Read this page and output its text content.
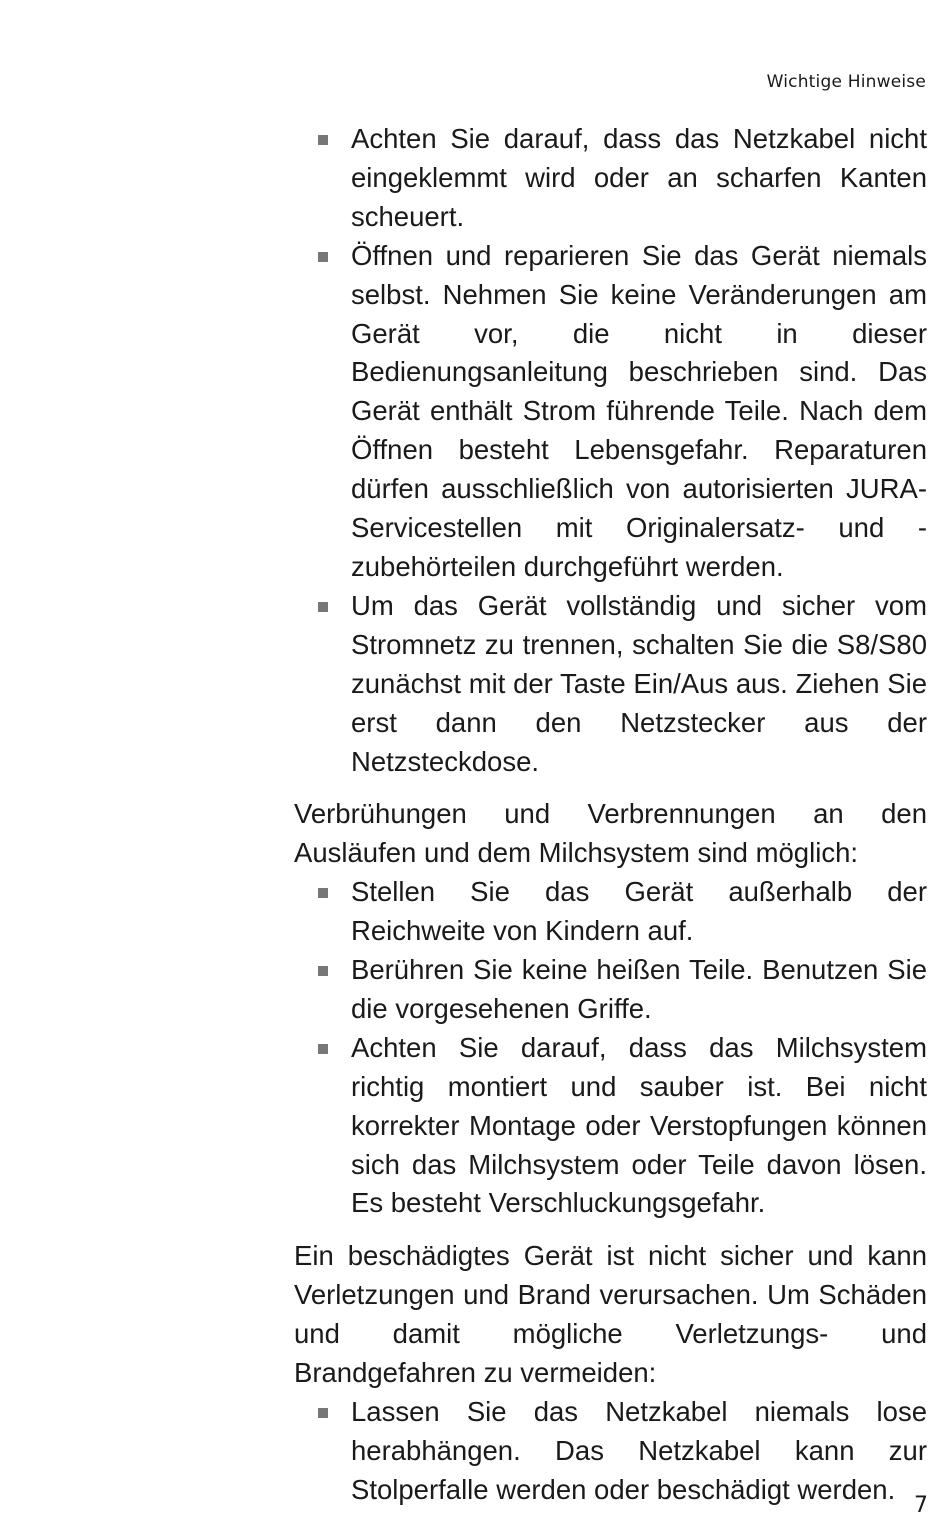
Wichtige Hinweise
Achten Sie darauf, dass das Netzkabel nicht eingeklemmt wird oder an scharfen Kanten scheuert.
Öffnen und reparieren Sie das Gerät niemals selbst. Nehmen Sie keine Veränderungen am Gerät vor, die nicht in dieser Bedienungsanleitung beschrieben sind. Das Gerät enthält Strom führende Teile. Nach dem Öffnen besteht Lebensgefahr. Reparaturen dürfen ausschließlich von autorisierten JURA-Servicestellen mit Originalersatz- und -zubehörteilen durchgeführt werden.
Um das Gerät vollständig und sicher vom Stromnetz zu trennen, schalten Sie die S8/S80 zunächst mit der Taste Ein/Aus aus. Ziehen Sie erst dann den Netzstecker aus der Netzsteckdose.

Verbrühungen und Verbrennungen an den Ausläufen und dem Milchsystem sind möglich:

Stellen Sie das Gerät außerhalb der Reichweite von Kindern auf.
Berühren Sie keine heißen Teile. Benutzen Sie die vorgesehenen Griffe.
Achten Sie darauf, dass das Milchsystem richtig montiert und sauber ist. Bei nicht korrekter Montage oder Verstopfungen können sich das Milchsystem oder Teile davon lösen. Es besteht Verschluckungsgefahr.

Ein beschädigtes Gerät ist nicht sicher und kann Verletzungen und Brand verursachen. Um Schäden und damit mögliche Verletzungs- und Brandgefahren zu vermeiden:

Lassen Sie das Netzkabel niemals lose herabhängen. Das Netzkabel kann zur Stolperfalle werden oder beschädigt werden.
7
